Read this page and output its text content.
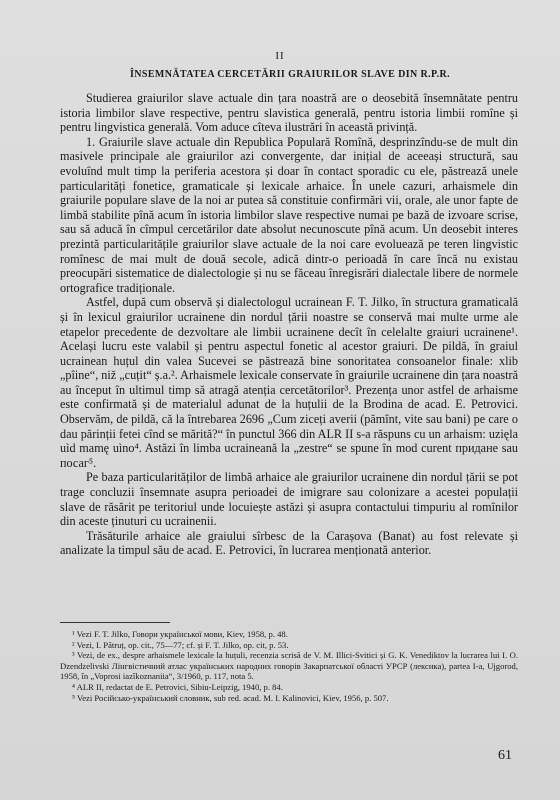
II
ÎNSEMNĂTATEA CERCETĂRII GRAIURILOR SLAVE DIN R.P.R.

Studierea graiurilor slave actuale din țara noastră are o deosebită însemnătate pentru istoria limbilor slave respective, pentru slavistica generală, pentru istoria limbii romîne și pentru lingvistica generală. Vom aduce cîteva ilustrări în această privință.

1. Graiurile slave actuale din Republica Populară Romînă, desprinzîndu-se de mult din masivele principale ale graiurilor azi convergente, dar inițial de aceeași structură, sau evoluînd mult timp la periferia acestora și doar în contact sporadic cu ele, păstrează unele particularități fonetice, gramaticale și lexicale arhaice. În unele cazuri, arhaismele din graiurile populare slave de la noi ar putea să constituie confirmări vii, orale, ale unor fapte de limbă stabilite pînă acum în istoria limbilor slave respective numai pe bază de izvoare scrise, sau să aducă în cîmpul cercetărilor date absolut necunoscute pînă acum. Un deosebit interes prezintă particularitățile graiurilor slave actuale de la noi care evoluează pe teren lingvistic romînesc de mai mult de două secole, adică dintr-o perioadă în care încă nu existau preocupări sistematice de dialectologie și nu se făceau înregisrări dialectale libere de normele ortografice tradiționale.

Astfel, după cum observă și dialectologul ucrainean F. T. Jilko, în structura gramaticală și în lexicul graiurilor ucrainene din nordul țării noastre se conservă mai multe urme ale etapelor precedente de dezvoltare ale limbii ucrainene decît în celelalte graiuri ucrainene¹. Același lucru este valabil și pentru aspectul fonetic al acestor graiuri. De pildă, în graiul ucrainean huțul din valea Sucevei se păstrează bine sonoritatea consoanelor finale: xlib „pîine“, niž „cuțit“ ș.a.². Arhaismele lexicale conservate în graiurile ucrainene din țara noastră au început în ultimul timp să atragă atenția cercetătorilor³. Prezența unor astfel de arhaisme este confirmată și de materialul adunat de la huțulii de la Brodina de acad. E. Petrovici. Observăm, de pildă, că la întrebarea 2696 „Cum ziceți averii (pămînt, vite sau bani) pe care o dau părinții fetei cînd se mărită?“ în punctul 366 din ALR II s-a răspuns cu un arhaism: uzięla uìd mamę uìno⁴. Astăzi în limba ucraineană la „zestre“ se spune în mod curent придане sau посаг⁵.

Pe baza particularităților de limbă arhaice ale graiurilor ucrainene din nordul țării se pot trage concluzii însemnate asupra perioadei de imigrare sau colonizare a acestei populații slave de răsărit pe teritoriul unde locuiește astăzi și asupra contactului timpuriu al romînilor din aceste ținuturi cu ucrainenii.

Trăsăturile arhaice ale graiului sîrbesc de la Carașova (Banat) au fost relevate și analizate la timpul său de acad. E. Petrovici, în lucrarea menționată anterior.

¹ Vezi F. T. Jilko, Говори української мови, Kiev, 1958, p. 48.

² Vezi, I. Pătruț, op. cit., 75—77; cf. și F. T. Jilko, op. cit, p. 53.

³ Vezi, de ex., despre arhaismele lexicale la huțuli, recenzia scrisă de V. M. Illici-Svitici și G. K. Venediktov la lucrarea lui I. O. Dzendzelivski Лінгвістичний атлас українських народних говорів Закарпатської області УРСР (лексика), partea I-a, Ujgorod, 1958, în „Voprosi iazîkoznaniia“, 3/1960, p. 117, nota 5.

⁴ ALR II, redactat de E. Petrovici, Sibiu-Leipzig, 1940, p. 84.

⁵ Vezi Російсько-український словник, sub red. acad. M. I. Kalinovici, Kiev, 1956, p. 507.

61
